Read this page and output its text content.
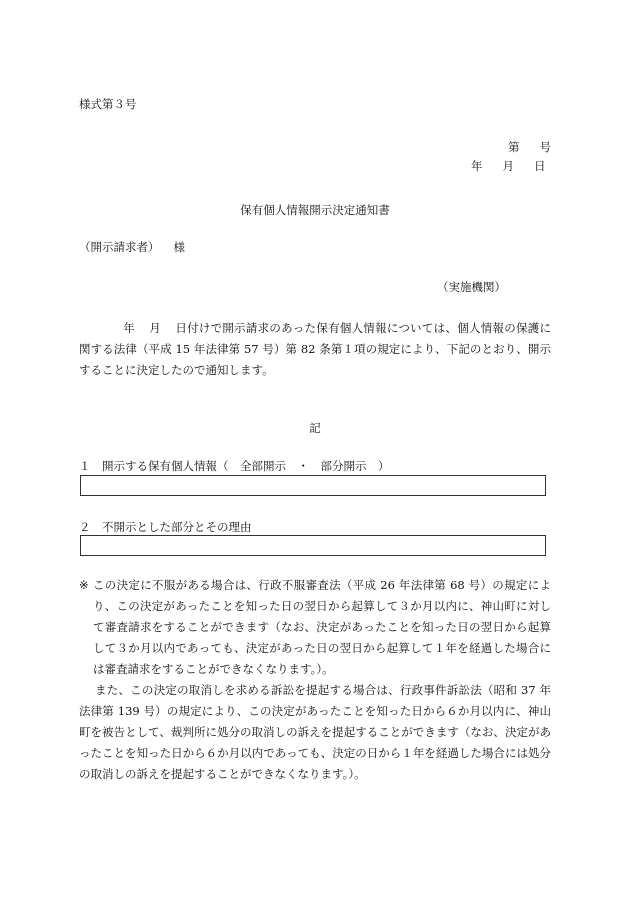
様式第３号
第 号
年 月 日
保有個人情報開示決定通知書
（開示請求者） 様
（実施機関）
年 月 日付けで開示請求のあった保有個人情報については、個人情報の保護に関する法律（平成 15 年法律第 57 号）第 82 条第１項の規定により、下記のとおり、開示することに決定したので通知します。
記
１　開示する保有個人情報（　全部開示　・　部分開示　）
２　不開示とした部分とその理由
※ この決定に不服がある場合は、行政不服審査法（平成 26 年法律第 68 号）の規定により、この決定があったことを知った日の翌日から起算して３か月以内に、神山町に対して審査請求をすることができます（なお、決定があったことを知った日の翌日から起算して３か月以内であっても、決定があった日の翌日から起算して１年を経過した場合には審査請求をすることができなくなります。）。
また、この決定の取消しを求める訴訟を提起する場合は、行政事件訴訟法（昭和 37 年法律第 139 号）の規定により、この決定があったことを知った日から６か月以内に、神山町を被告として、裁判所に処分の取消しの訴えを提起することができます（なお、決定があったことを知った日から６か月以内であっても、決定の日から１年を経過した場合には処分の取消しの訴えを提起することができなくなります。）。
